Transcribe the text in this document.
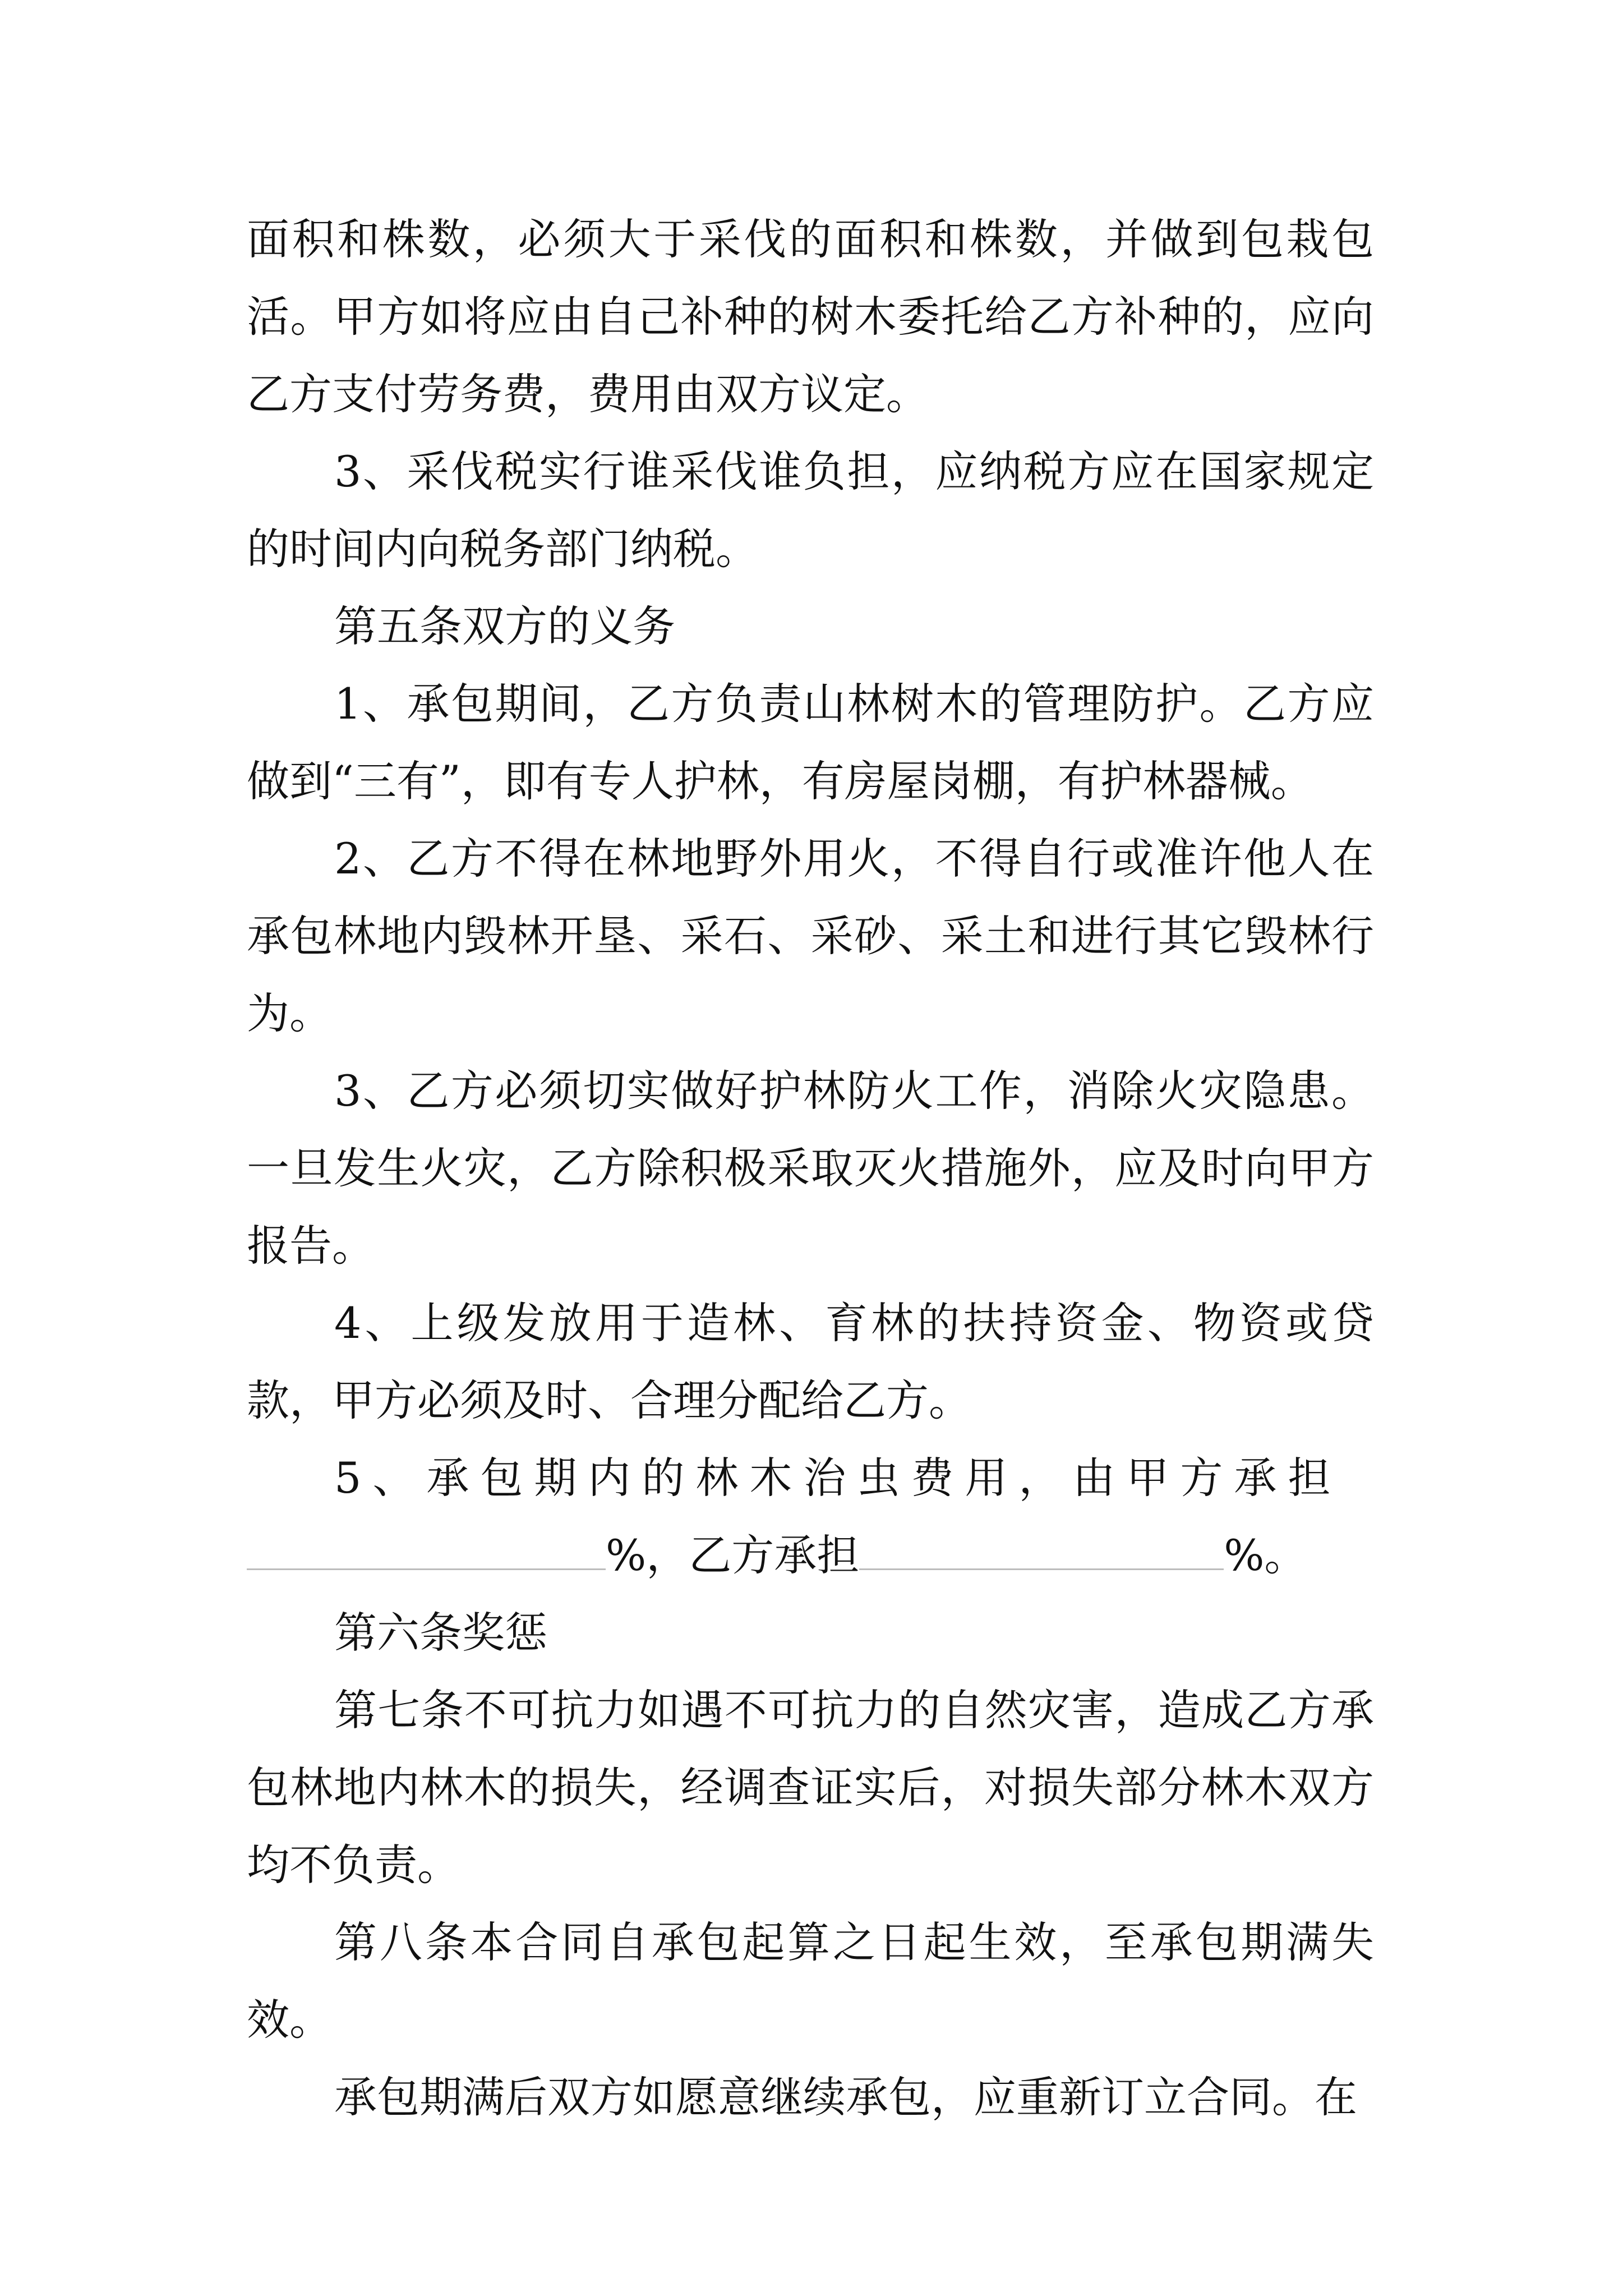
面积和株数，必须大于采伐的面积和株数，并做到包栽包活。甲方如将应由自己补种的树木委托给乙方补种的，应向乙方支付劳务费，费用由双方议定。

3、采伐税实行谁采伐谁负担，应纳税方应在国家规定的时间内向税务部门纳税。

第五条双方的义务

1、承包期间，乙方负责山林树木的管理防护。乙方应做到“三有”，即有专人护林，有房屋岗棚，有护林器械。

2、乙方不得在林地野外用火，不得自行或准许他人在承包林地内毁林开垦、采石、采砂、采土和进行其它毁林行为。

3、乙方必须切实做好护林防火工作，消除火灾隐患。一旦发生火灾，乙方除积极采取灭火措施外，应及时向甲方报告。

4、上级发放用于造林、育林的扶持资金、物资或贷款，甲方必须及时、合理分配给乙方。

5、承包期内的林木治虫费用，由甲方承担

%，乙方承担	%。

第六条奖惩

第七条不可抗力如遇不可抗力的自然灾害，造成乙方承包林地内林木的损失，经调查证实后，对损失部分林木双方均不负责。

第八条本合同自承包起算之日起生效，至承包期满失效。

承包期满后双方如愿意继续承包，应重新订立合同。在
